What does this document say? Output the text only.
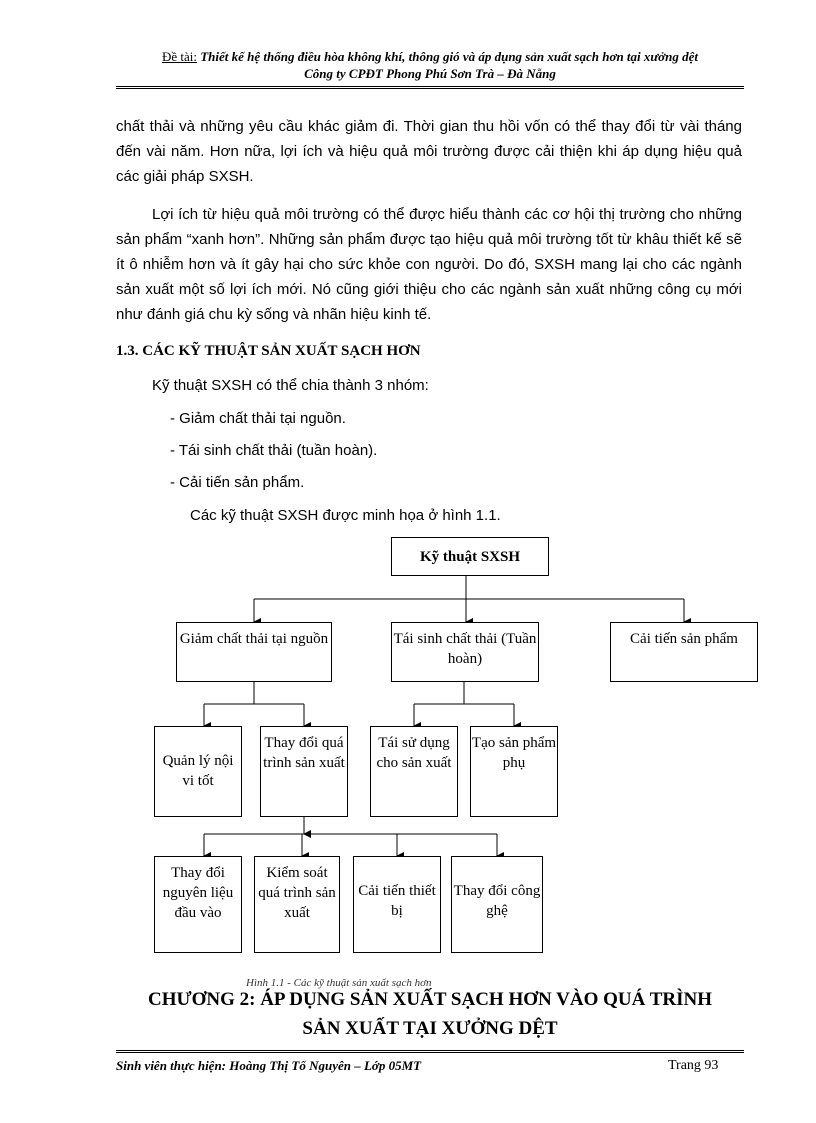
Đề tài: Thiết kế hệ thống điều hòa không khí, thông gió và áp dụng sản xuất sạch hơn tại xưởng dệt
Công ty CPĐT Phong Phú Sơn Trà – Đà Nẵng
chất thải và những yêu cầu khác giảm đi. Thời gian thu hồi vốn có thể thay đổi từ vài tháng đến vài năm. Hơn nữa, lợi ích và hiệu quả môi trường được cải thiện khi áp dụng hiệu quả các giải pháp SXSH.
Lợi ích từ hiệu quả môi trường có thể được hiểu thành các cơ hội thị trường cho những sản phẩm “xanh hơn”. Những sản phẩm được tạo hiệu quả môi trường tốt từ khâu thiết kế sẽ ít ô nhiễm hơn và ít gây hại cho sức khỏe con người. Do đó, SXSH mang lại cho các ngành sản xuất một số lợi ích mới. Nó cũng giới thiệu cho các ngành sản xuất những công cụ mới như đánh giá chu kỳ sống và nhãn hiệu kinh tế.
1.3. CÁC KỸ THUẬT SẢN XUẤT SẠCH HƠN
Kỹ thuật SXSH có thể chia thành 3 nhóm:
- Giảm chất thải tại nguồn.
- Tái sinh chất thải (tuần hoàn).
- Cải tiến sản phẩm.
Các kỹ thuật SXSH được minh họa ở hình 1.1.
Kỹ thuật SXSH
Giảm chất thải tại nguồn	Tái sinh chất thải (Tuần hoàn)
Cải tiến sản phẩm
Quản lý nội vi tốt
Thay đổi quá trình sản xuất
Tái sử dụng cho sản xuất
Tạo sản phẩm phụ
Thay đổi nguyên liệu đầu vào
Kiểm soát quá trình sản xuất
Cải tiến thiết bị
Thay đổi công ghệ
Hình 1.1 - Các kỹ thuật sản xuất sạch hơn
CHƯƠNG 2: ÁP DỤNG SẢN XUẤT SẠCH HƠN VÀO QUÁ TRÌNH
SẢN XUẤT TẠI XƯỞNG DỆT
Sinh viên thực hiện: Hoàng Thị Tố Nguyên – Lớp 05MT	Trang 93
